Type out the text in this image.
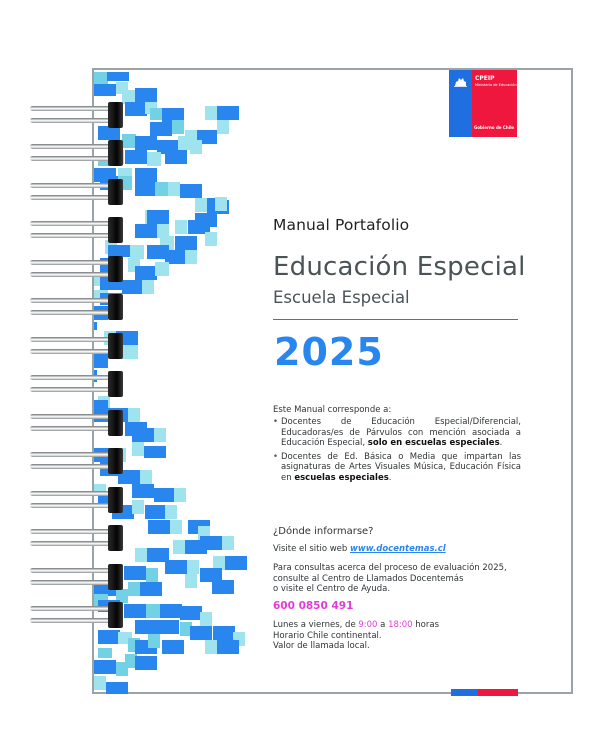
CPEIP
Ministerio de Educación
Gobierno de Chile
Manual Portafolio
Educación Especial
Escuela Especial
2025
Este Manual corresponde a:
• Docentes de Educación Especial/Diferencial, Educadoras/es de Párvulos con mención asociada a Educación Especial, solo en escuelas especiales.
• Docentes de Ed. Básica o Media que impartan las asignaturas de Artes Visuales Música, Educación Física en escuelas especiales.
¿Dónde informarse?
Visite el sitio web www.docentemas.cl
Para consultas acerca del proceso de evaluación 2025,
consulte al Centro de Llamados Docentemás
o visite el Centro de Ayuda.
600 0850 491
Lunes a viernes, de 9:00 a 18:00 horas
Horario Chile continental.
Valor de llamada local.
